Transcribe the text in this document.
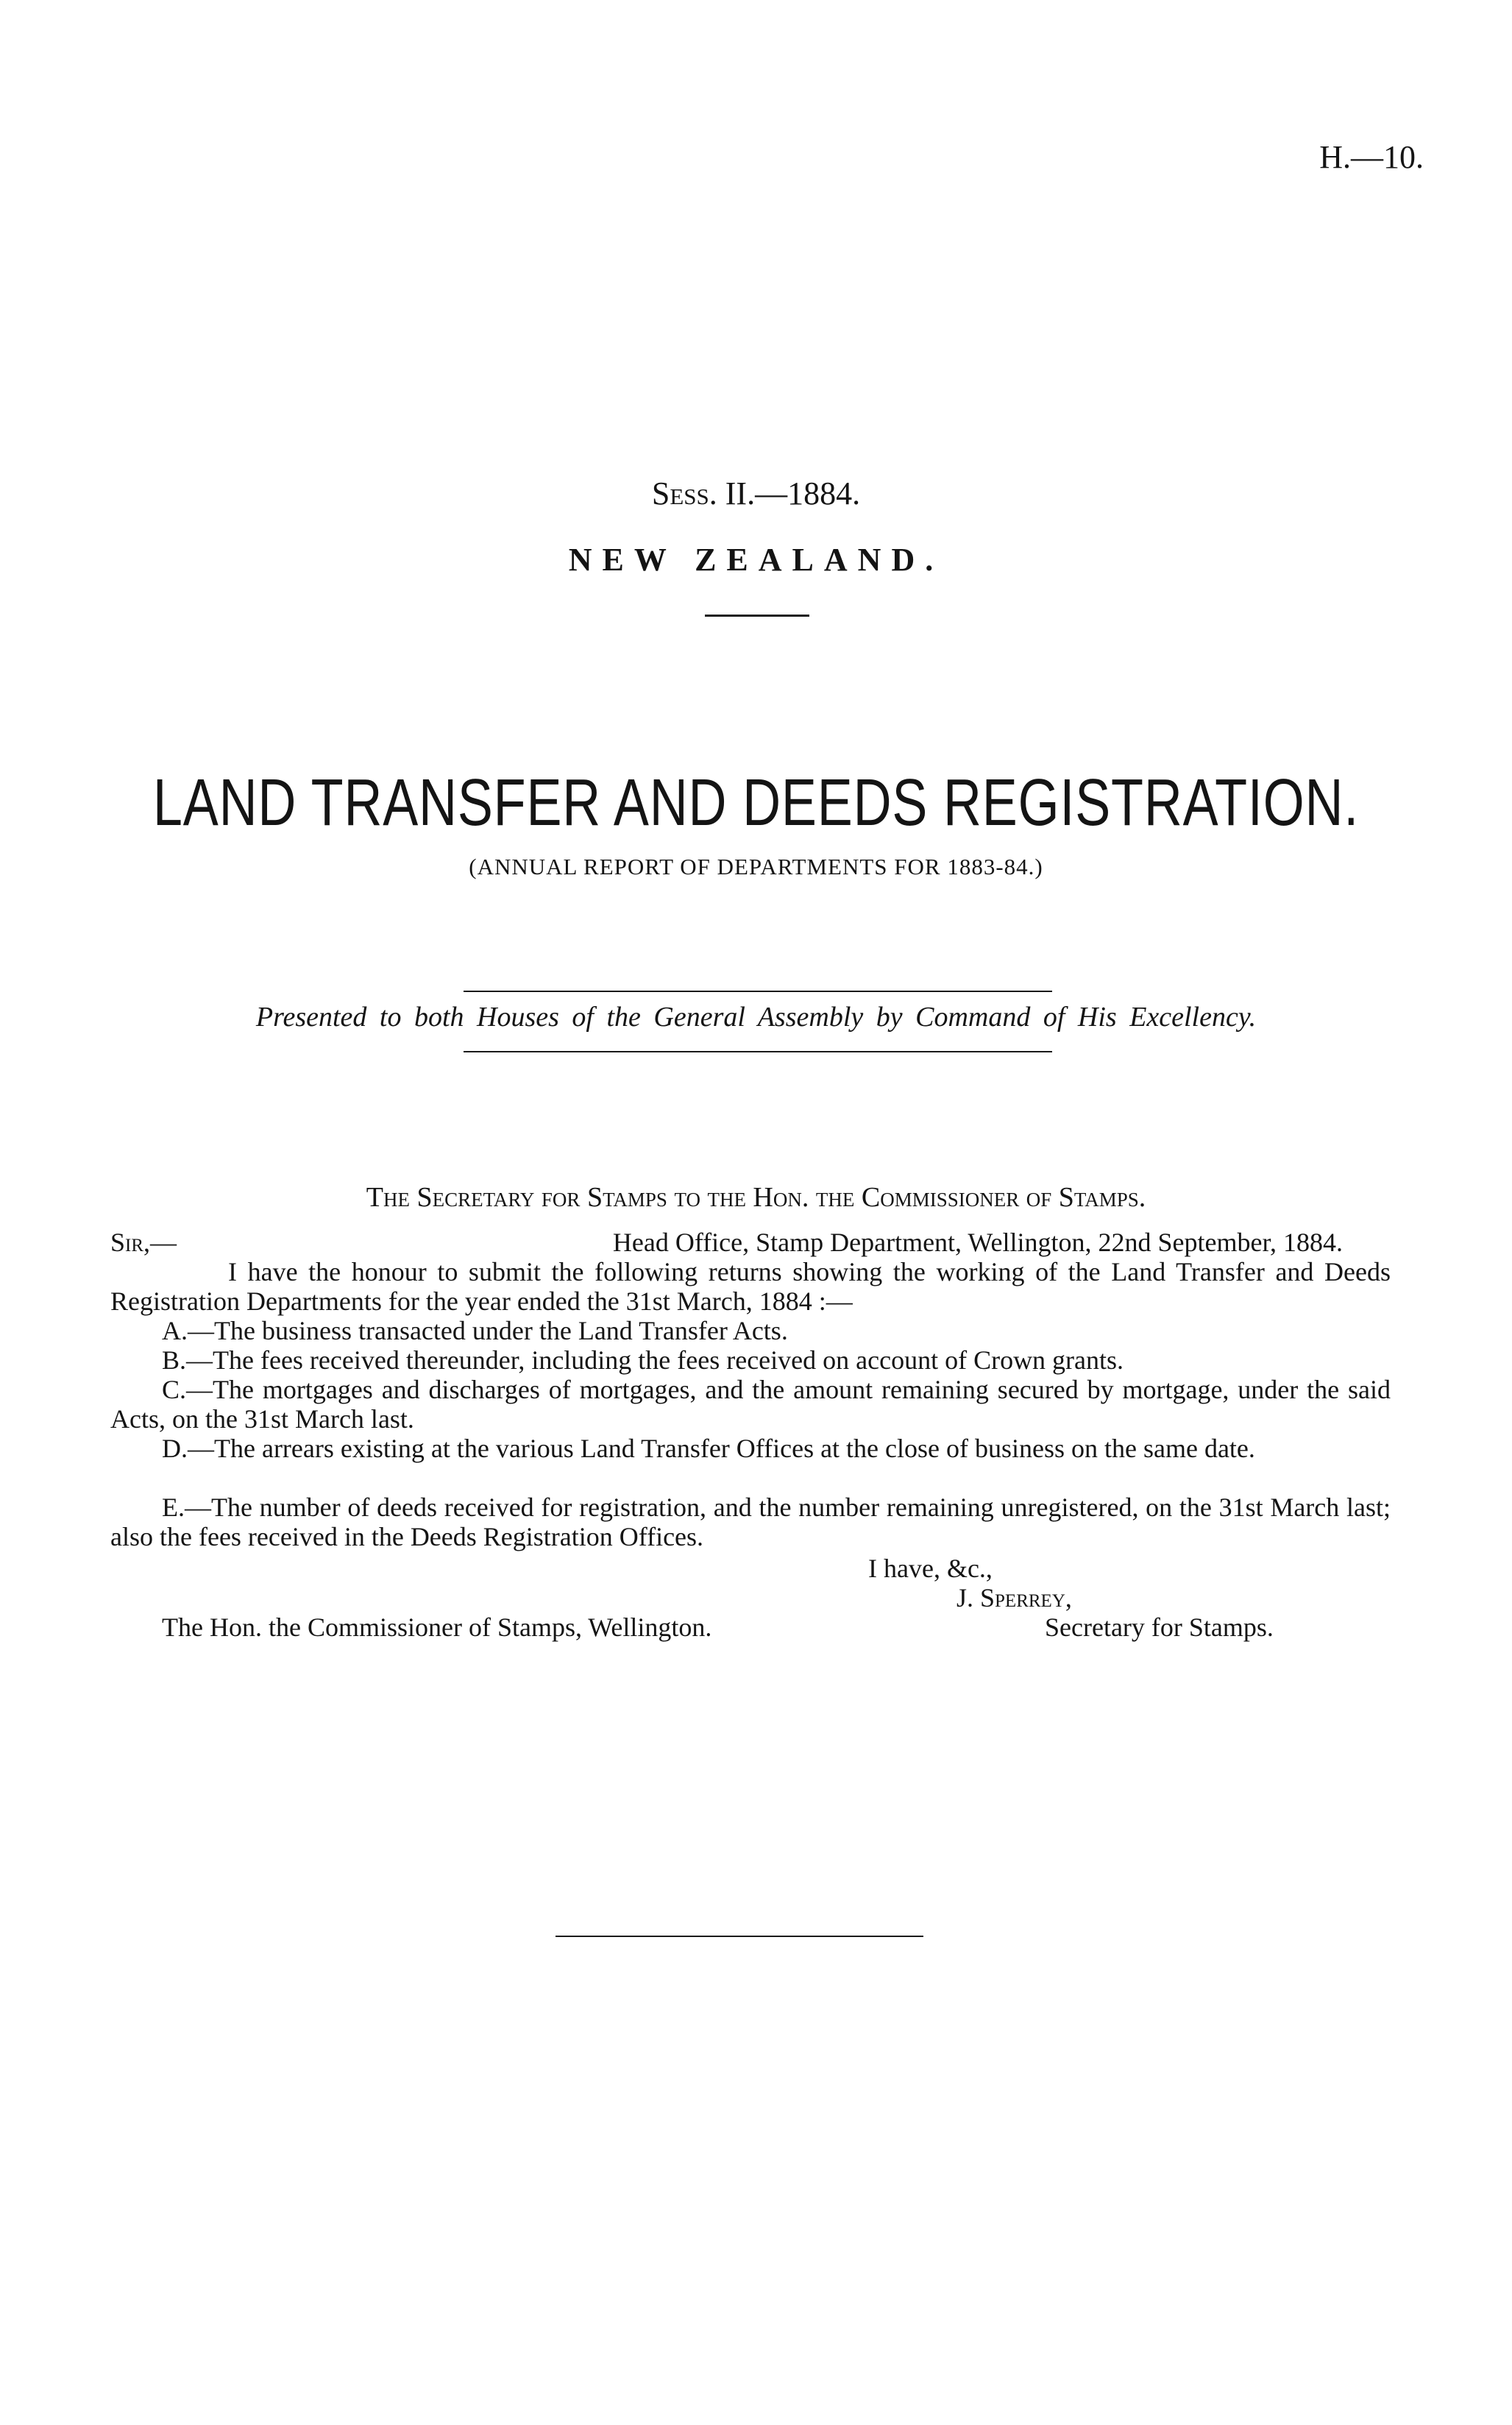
H.—10.
Sess. II.—1884.
NEW ZEALAND.
LAND TRANSFER AND DEEDS REGISTRATION.
(ANNUAL REPORT OF DEPARTMENTS FOR 1883-84.)
Presented to both Houses of the General Assembly by Command of His Excellency.
The Secretary for Stamps to the Hon. the Commissioner of Stamps.
Sir,—	Head Office, Stamp Department, Wellington, 22nd September, 1884.
I have the honour to submit the following returns showing the working of the Land Transfer and Deeds Registration Departments for the year ended the 31st March, 1884 :—
A.—The business transacted under the Land Transfer Acts.
B.—The fees received thereunder, including the fees received on account of Crown grants.
C.—The mortgages and discharges of mortgages, and the amount remaining secured by mortgage, under the said Acts, on the 31st March last.
D.—The arrears existing at the various Land Transfer Offices at the close of business on the same date.
E.—The number of deeds received for registration, and the number remaining unregistered, on the 31st March last; also the fees received in the Deeds Registration Offices.
I have, &c.,
J. Sperrey,
The Hon. the Commissioner of Stamps, Wellington.	Secretary for Stamps.
